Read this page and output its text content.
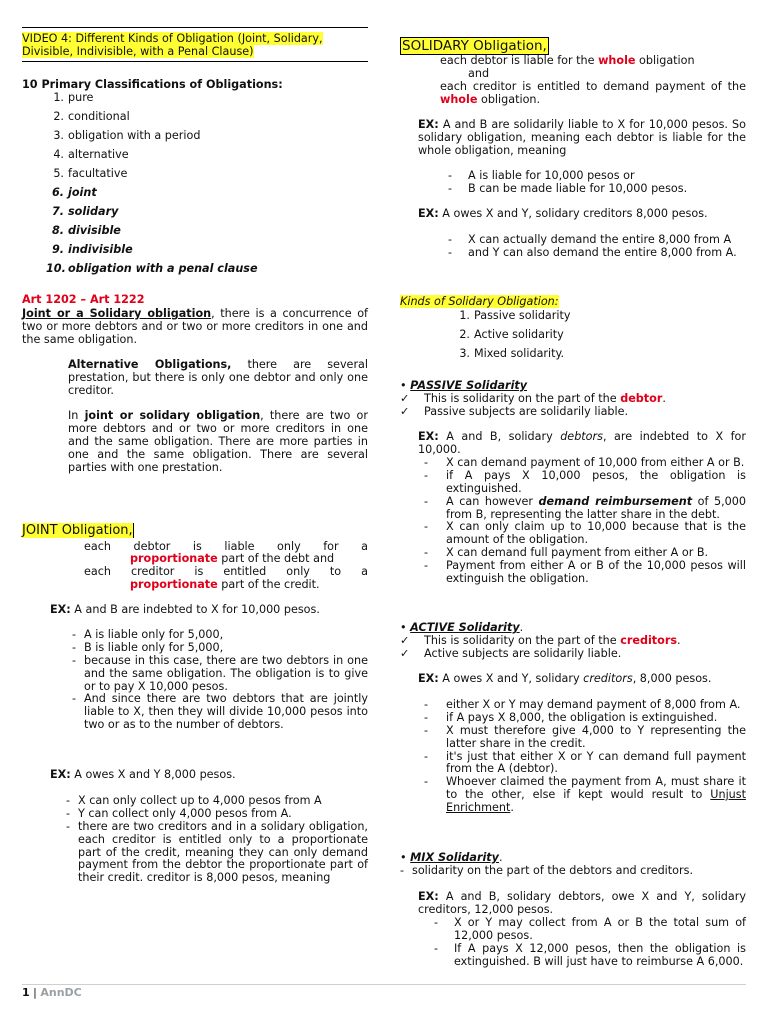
VIDEO 4: Different Kinds of Obligation (Joint, Solidary, Divisible, Indivisible, with a Penal Clause)

10 Primary Classifications of Obligations:

1. pure
2. conditional
3. obligation with a period
4. alternative
5. facultative
6. joint
7. solidary
8. divisible
9. indivisible
10. obligation with a penal clause

Art 1202 – Art 1222

Joint or a Solidary obligation, there is a concurrence of two or more debtors and or two or more creditors in one and the same obligation.

Alternative Obligations, there are several prestation, but there is only one debtor and only one creditor.

In joint or solidary obligation, there are two or more debtors and or two or more creditors in one and the same obligation. There are more parties in one and the same obligation. There are several parties with one prestation.

JOINT Obligation,

each debtor is liable only for a

proportionate part of the debt and

each creditor is entitled only to a

proportionate part of the credit.

EX: A and B are indebted to X for 10,000 pesos.

- A is liable only for 5,000,
- B is liable only for 5,000,
- because in this case, there are two debtors in one and the same obligation. The obligation is to give or to pay X 10,000 pesos.
- And since there are two debtors that are jointly liable to X, then they will divide 10,000 pesos into two or as to the number of debtors.

EX: A owes X and Y 8,000 pesos.

- X can only collect up to 4,000 pesos from A
- Y can collect only 4,000 pesos from A.
- there are two creditors and in a solidary obligation, each creditor is entitled only to a proportionate part of the credit, meaning they can only demand payment from the debtor the proportionate part of their credit. creditor is 8,000 pesos, meaning

SOLIDARY Obligation,

each debtor is liable for the whole obligation

and

each creditor is entitled to demand payment of the whole obligation.

EX: A and B are solidarily liable to X for 10,000 pesos. So solidary obligation, meaning each debtor is liable for the whole obligation, meaning

- A is liable for 10,000 pesos or
- B can be made liable for 10,000 pesos.

EX: A owes X and Y, solidary creditors 8,000 pesos.

- X can actually demand the entire 8,000 from A
- and Y can also demand the entire 8,000 from A.

Kinds of Solidary Obligation:

1. Passive solidarity
2. Active solidarity
3. Mixed solidarity.

• PASSIVE Solidarity

✓ This is solidarity on the part of the debtor.
✓ Passive subjects are solidarily liable.

EX: A and B, solidary debtors, are indebted to X for 10,000.

- X can demand payment of 10,000 from either A or B.
- if A pays X 10,000 pesos, the obligation is extinguished.
- A can however demand reimbursement of 5,000 from B, representing the latter share in the debt.
- X can only claim up to 10,000 because that is the amount of the obligation.
- X can demand full payment from either A or B.
- Payment from either A or B of the 10,000 pesos will extinguish the obligation.

• ACTIVE Solidarity.

✓ This is solidarity on the part of the creditors.
✓ Active subjects are solidarily liable.

EX: A owes X and Y, solidary creditors, 8,000 pesos.

- either X or Y may demand payment of 8,000 from A.
- if A pays X 8,000, the obligation is extinguished.
- X must therefore give 4,000 to Y representing the latter share in the credit.
- it's just that either X or Y can demand full payment from the A (debtor).
- Whoever claimed the payment from A, must share it to the other, else if kept would result to Unjust Enrichment.

• MIX Solidarity.

- solidarity on the part of the debtors and creditors.

EX: A and B, solidary debtors, owe X and Y, solidary creditors, 12,000 pesos.

- X or Y may collect from A or B the total sum of 12,000 pesos.
- If A pays X 12,000 pesos, then the obligation is extinguished. B will just have to reimburse A 6,000.
1 | AnnDC
